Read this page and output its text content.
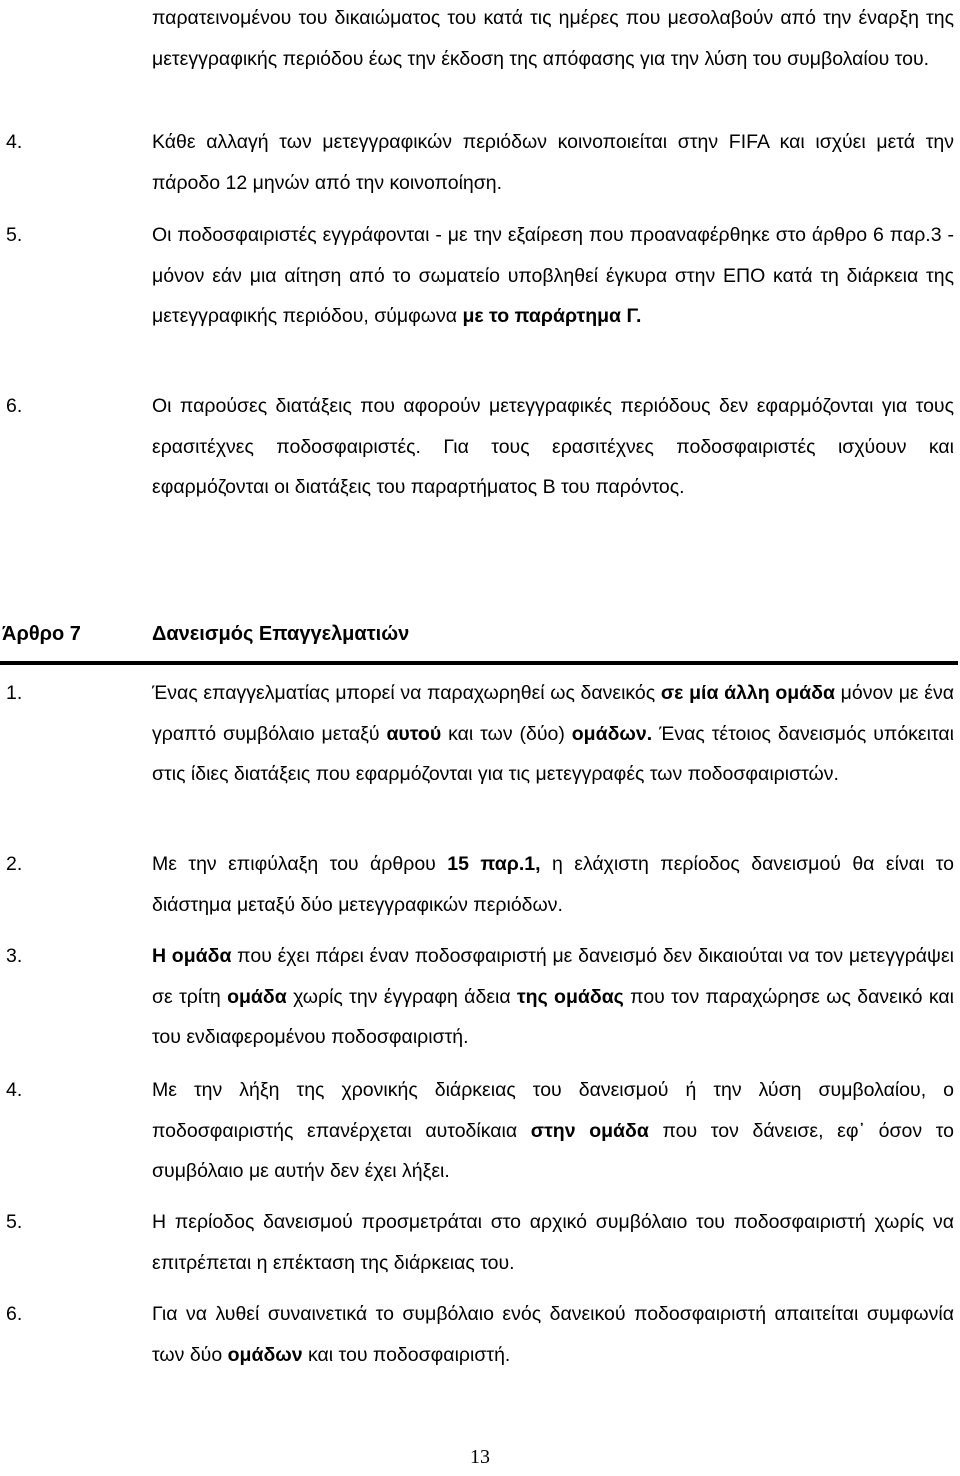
παρατεινομένου του δικαιώματος του κατά τις ημέρες που μεσολαβούν από την έναρξη της μετεγγραφικής περιόδου έως την έκδοση της απόφασης για την λύση του συμβολαίου του.

4.	Κάθε αλλαγή των μετεγγραφικών περιόδων κοινοποιείται στην FIFA και ισχύει μετά την πάροδο 12 μηνών από την κοινοποίηση.

5.	Οι ποδοσφαιριστές εγγράφονται - με την εξαίρεση που προαναφέρθηκε στο άρθρο 6 παρ.3 - μόνον εάν μια αίτηση από το σωματείο υποβληθεί έγκυρα στην ΕΠΟ κατά τη διάρκεια της μετεγγραφικής περιόδου, σύμφωνα με το παράρτημα Γ.

6.	Οι παρούσες διατάξεις που αφορούν μετεγγραφικές περιόδους δεν εφαρμόζονται για τους ερασιτέχνες ποδοσφαιριστές. Για τους ερασιτέχνες ποδοσφαιριστές ισχύουν και εφαρμόζονται οι διατάξεις του παραρτήματος Β του παρόντος.

Άρθρο 7	Δανεισμός Επαγγελματιών
1.	Ένας επαγγελματίας μπορεί να παραχωρηθεί ως δανεικός σε μία άλλη ομάδα μόνον με ένα γραπτό συμβόλαιο μεταξύ αυτού και των (δύο) ομάδων. Ένας τέτοιος δανεισμός υπόκειται στις ίδιες διατάξεις που εφαρμόζονται για τις μετεγγραφές των ποδοσφαιριστών.

2.	Με την επιφύλαξη του άρθρου 15 παρ.1, η ελάχιστη περίοδος δανεισμού θα είναι το διάστημα μεταξύ δύο μετεγγραφικών περιόδων.

3.	Η ομάδα που έχει πάρει έναν ποδοσφαιριστή με δανεισμό δεν δικαιούται να τον μετεγγράψει σε τρίτη ομάδα χωρίς την έγγραφη άδεια της ομάδας που τον παραχώρησε ως δανεικό και του ενδιαφερομένου ποδοσφαιριστή.

4.	Με την λήξη της χρονικής διάρκειας του δανεισμού ή την λύση συμβολαίου, ο ποδοσφαιριστής επανέρχεται αυτοδίκαια στην ομάδα που τον δάνεισε, εφ᾽ όσον το συμβόλαιο με αυτήν δεν έχει λήξει.

5.	Η περίοδος δανεισμού προσμετράται στο αρχικό συμβόλαιο του ποδοσφαιριστή χωρίς να επιτρέπεται η επέκταση της διάρκειας του.

6.	Για να λυθεί συναινετικά το συμβόλαιο ενός δανεικού ποδοσφαιριστή απαιτείται συμφωνία των δύο ομάδων και του ποδοσφαιριστή.

13
